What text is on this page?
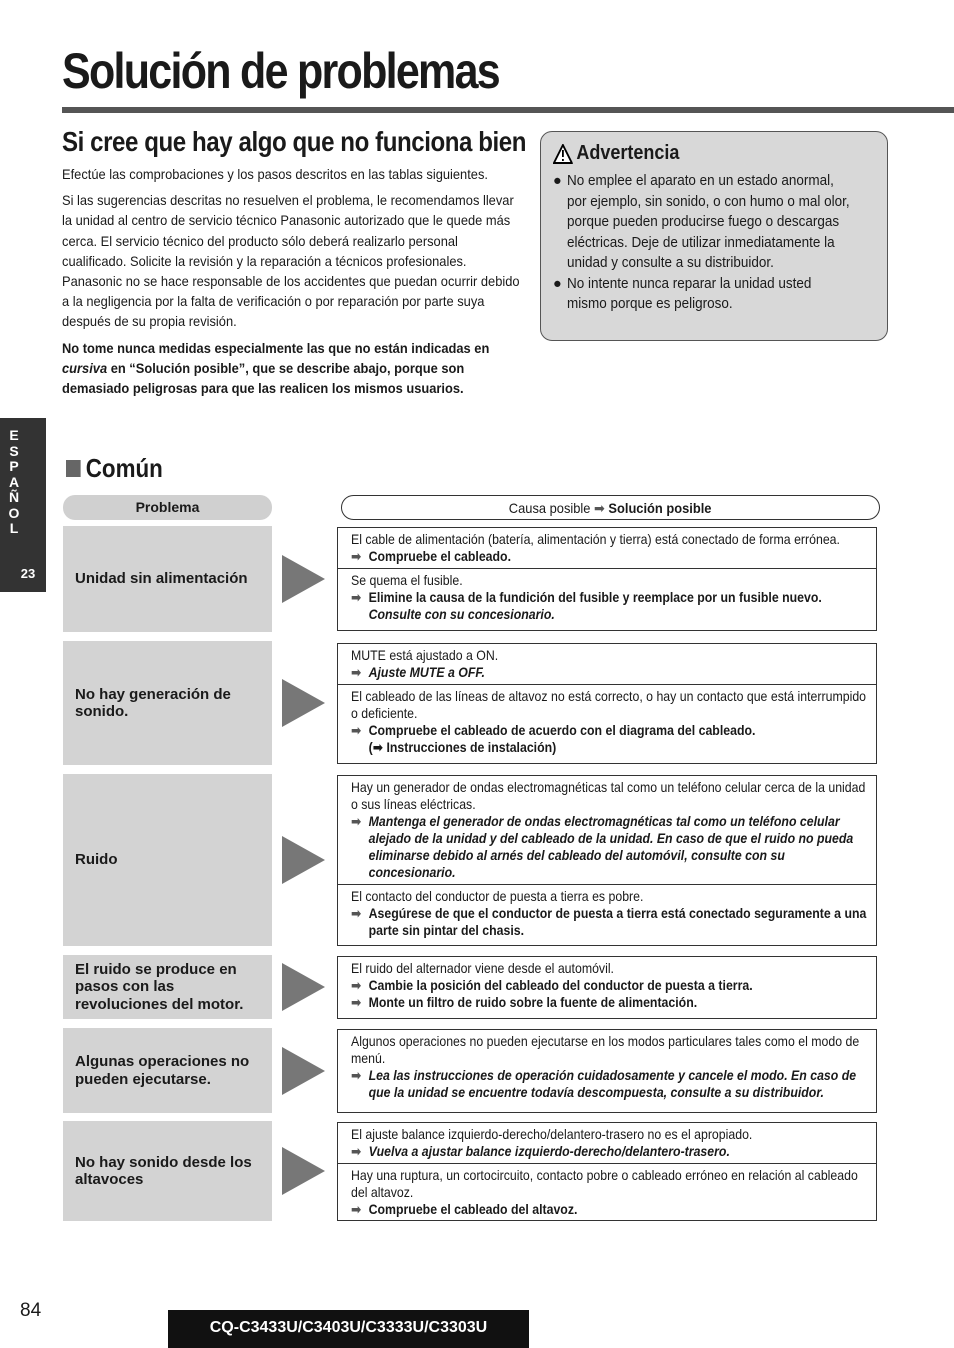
Solución de problemas
Si cree que hay algo que no funciona bien

Efectúe las comprobaciones y los pasos descritos en las tablas siguientes.

Si las sugerencias descritas no resuelven el problema, le recomendamos llevar la unidad al centro de servicio técnico Panasonic autorizado que le quede más cerca. El servicio técnico del producto sólo deberá realizarlo personal cualificado. Solicite la revisión y la reparación a técnicos profesionales. Panasonic no se hace responsable de los accidentes que puedan ocurrir debido a la negligencia por la falta de verificación o por reparación por parte suya después de su propia revisión.

No tome nunca medidas especialmente las que no están indicadas en cursiva en “Solución posible”, que se describe abajo, porque son demasiado peligrosas para que las realicen los mismos usuarios.

Advertencia
● No emplee el aparato en un estado anormal, por ejemplo, sin sonido, o con humo o mal olor, porque pueden producirse fuego o descargas eléctricas. Deje de utilizar inmediatamente la unidad y consulte a su distribuidor.
● No intente nunca reparar la unidad usted mismo porque es peligroso.
E
S
P
A
Ñ
O
L
23
Común
Problema	Causa posible ➡ Solución posible
Unidad sin alimentación
El cable de alimentación (batería, alimentación y tierra) está conectado de forma errónea.
➡ Compruebe el cableado.
Se quema el fusible.
➡ Elimine la causa de la fundición del fusible y reemplace por un fusible nuevo. Consulte con su concesionario.
No hay generación de sonido.
MUTE está ajustado a ON.
➡ Ajuste MUTE a OFF.
El cableado de las líneas de altavoz no está correcto, o hay un contacto que está interrumpido o deficiente.
➡ Compruebe el cableado de acuerdo con el diagrama del cableado.
(➡ Instrucciones de instalación)
Ruido
Hay un generador de ondas electromagnéticas tal como un teléfono celular cerca de la unidad o sus líneas eléctricas.
➡ Mantenga el generador de ondas electromagnéticas tal como un teléfono celular alejado de la unidad y del cableado de la unidad. En caso de que el ruido no pueda eliminarse debido al arnés del cableado del automóvil, consulte con su concesionario.
El contacto del conductor de puesta a tierra es pobre.
➡ Asegúrese de que el conductor de puesta a tierra está conectado seguramente a una parte sin pintar del chasis.
El ruido se produce en pasos con las revoluciones del motor.
El ruido del alternador viene desde el automóvil.
➡ Cambie la posición del cableado del conductor de puesta a tierra.
➡ Monte un filtro de ruido sobre la fuente de alimentación.
Algunas operaciones no pueden ejecutarse.
Algunos operaciones no pueden ejecutarse en los modos particulares tales como el modo de menú.
➡ Lea las instrucciones de operación cuidadosamente y cancele el modo. En caso de que la unidad se encuentre todavía descompuesta, consulte a su distribuidor.
No hay sonido desde los altavoces
El ajuste balance izquierdo-derecho/delantero-trasero no es el apropiado.
➡ Vuelva a ajustar balance izquierdo-derecho/delantero-trasero.
Hay una ruptura, un cortocircuito, contacto pobre o cableado erróneo en relación al cableado del altavoz.
➡ Compruebe el cableado del altavoz.
84
CQ-C3433U/C3403U/C3333U/C3303U
